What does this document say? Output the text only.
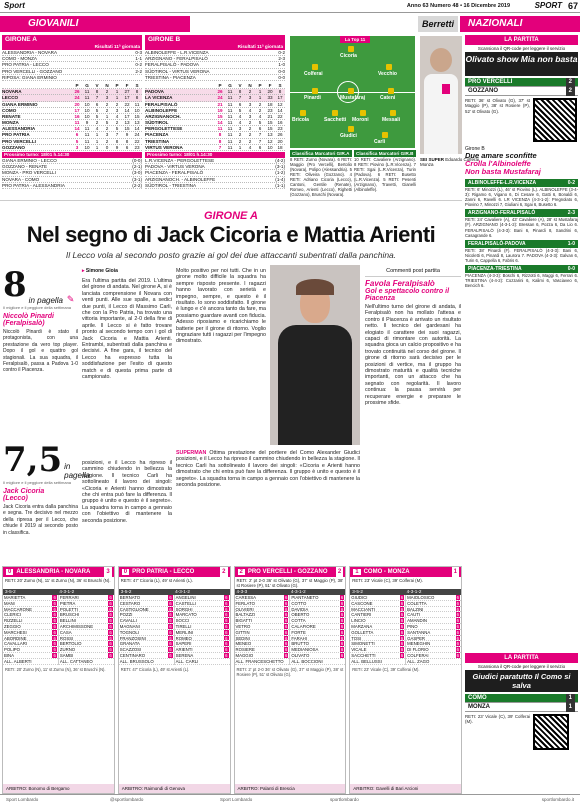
Sport	Anno 63 Numero 48 • 16 Dicembre 2019	SPORT 67
GIOVANILI	Berretti	NAZIONALI
GIRONE A
Risultati 11ª giornata
ALESSANDRIA - NOVARA	0-3
COMO - MONZA	1-1
PRO PATRIA - LECCO	0-2
PRO VERCELLI - GOZZANO	2-2
RIPOSA: GIANA ERMINIO
P	G	V	N	P	F	S
NOVARA	26	11	8	2	1	27	8
LECCO	24	11	7	3	1	17	8
GIANA ERMINIO	20	10	6	2	2	22	11
COMO	17	10	5	2	3	14	10
RENATE	16	10	5	1	4	17	15
MONZA	11	9	2	5	2	13	13
ALESSANDRIA	14	11	4	2	5	15	14
PRO PATRIA	6	11	1	3	7	9	24
PRO VERCELLI	5	11	1	2	8	8	22
GOZZANO	3	10	1	0	9	6	23
Prossimo turno: 18/01 h.14:30
GIANA ERMINIO - LECCO	(0-0)
GOZZANO - RENATE	(2-1)
MONZA - PRO VERCELLI	(3-0)
NOVARA - COMO	(3-1)
PRO PATRIA - ALESSANDRIA	(2-2)
GIRONE B
Risultati 11ª giornata
ALBINOLEFFE - L.R.VICENZA	0-2
ARZIGNANO - FERALPISALÒ	2-3
FERALPISALÒ - PADOVA	1-0
SÜDTIROL - VIRTUS VERONA	0-0
TRIESTINA - PIACENZA	0-0
P	G	V	N	P	F	S
PADOVA	26	11	8	2	1	20	8
LA VICENZA	24	11	7	3	1	33	17
FERALPISALÒ	21	11	6	3	2	18	12
ALBINOLEFFE	19	11	5	4	2	23	14
ARZIGNANOCH.	15	11	4	3	4	21	22
SÜDTIROL	14	11	4	2	5	15	16
PERGOLETTESE	11	11	3	2	6	15	23
PIACENZA	8	11	2	2	7	13	26
TRIESTINA	8	11	2	2	7	12	20
VIRTUS VERONA	7	11	1	4	6	10	18
Prossimo turno: 18/01 h.14:30
L.R.VICENZA - PERGOLETTESE	(4-2)
PADOVA - VIRTUS VERONA	(3-1)
PIACENZA - FERALPISALÒ	(1-2)
ARZIGNANOCH. - ALBINOLEFFE	(1-4)
SÜDTIROL - TRIESTINA	(1-1)
La Top 11
Cicoria
Colferai	Vecchio
Pinardi	Mustafaraj	Cateni
Bricola	Sacchetti Moroni	Messali
Giudici
Carli
Classifica Marcatori GIR.A
8 RETI: Zurno (Novara). 6 RETI: Maggio (Pro Vercelli), Bertolio (Novara), Polipo (Alessandria). 5 RETI: Oliveira (Gozzano). 4 RETI: Adriano Cicoria (Lecco), Cantoni, Gentile (Renate), Romeo, Arienti (Lecco), Righetti (Gozzano), Bruschi (Novara).
Classifica Marcatori GIR.B
10 RETI: Cavaliere (Arzignano). 8 RETI: Piovino (L.R.Vicenza). 7 RETI: Sgai (L.R.Vicenza), Turin (Padova). 6 RETI: Busetto (L.R.Vicenza). 5 RETI: Pesenti (Arzignano), Travetti, Gianelli (Albinoleffe).
SEI SUPER Edoardo Colferai, Monza
LA PARTITA
Scansiona il QR-code per leggere il servizio
Olivato show Mia non basta
PRO VERCELLI	2
GOZZANO	2
RETI: 36' st Olivato (G), 37' st Maggio (P), 38' st Rosiere (P), 52' st Olivato (G).
Girone B
Due amare sconfitte
Crolla l'Albinoleffe
Non basta Mustafaraj
ALBINOLEFFE-L.R.VICENZA	0-2
RETI: 6' Minozzi (L), 46' st Piovino (L). ALBINOLEFFE (3-4-3): Rigamo 6, Vigano 6, Di Cesare 6, Gatti 6, Bonaldi 6, Zanni 6, Ravelli 6. LR VICENZA (4-3-1-2): Pregnolato 6, Piovino 7, Minozzi 7, Giuliani 6, Sgai 6, Busetto 6.
ARZIGNANO-FERALPISALÒ	2-3
RETI: 24' Cavaliere (A), 43' Cavaliere (A), 28' st Mustafaraj (F). ARZIGNANO (4-3-1-2): Bressan 6, Pozza 6, Da Lio 6. FERALPISALÒ (4-3-3): Bani 6, Pinardi 8, Sandrini 6, Casagrande 6.
FERALPISALÒ-PADOVA	1-0
RETI: 38' Pinardi (F). FERALPISALÒ (4-3-3): Bani 6, Nicoletti 6, Pinardi 8, Laurora 7. PADOVA (4-3-3): Galvan 6, Turin 6, Cappella 6, Fabris 6.
PIACENZA-TRIESTINA	0-0
PIACENZA (4-3-3): Boschi 6, Rizzotti 6, Maggi 6, Ferrari 6. TRIESTINA (4-4-2): Cozzarini 6, Kalimi 6, Vasciaveo 6, Bencich 6.
LA PARTITA
Scansiona il QR-code per leggere il servizio
Giudici paratutto Il Como si salva
COMO	1
MONZA	1
RETI: 23' Vicale (C), 39' Colferai (M).
GIRONE A
Nel segno di Jack Cicoria e Mattia Arienti
Il Lecco vola al secondo posto grazie ai gol dei due attaccanti subentrati dalla panchina.
8 in pagella ✎
Il migliore e il peggiore della settimana
Niccolò Pinardi
(Feralpisalò)
Niccolò Pinardi è stato il protagonista, con una prestazione da vero top player. Dopo il gol e quattro gol stagionali. La sua squadra, il Feralpisalò, passa a Padova 1-0 contro il Piacenza.
7,5 in pagella
Il migliore e il peggiore della settimana
Jack Cicoria
(Lecco)
Jack Cicoria entra dalla panchina e segna. Tre decisivo nel mezzo della ripresa per il Lecco, che chiude il 2019 al secondo posto in classifica.
▸ Simone Gioia
Era l'ultima partita del 2019. L'ultima del girone di andata. Nel girone A, si è lanciata comprensione il Novara con venti punti. Alle sue spalle, a sedici due punti, il Lecco di Massimo Carli, che con la Pro Patria, ha trovato una vittoria importante, al 2-0 della fine di aprile. Il Lecco si è fatto trovare pronto al secondo tempo con i gol di Jack Cicoria e Mattia Arienti. Entrambi, subentrati dalla panchina e decisivi. A fine gara, il tecnico del Lecco ha espresso tutta la soddisfazione per l'esito di questo match e di questa prima parte di campionato.
Molto positivo per noi tutti. Che in un girone molto difficile la squadra ha sempre risposto presente. I ragazzi hanno lavorato con serietà e impegno, sempre, e questo è il risultato. Io sono soddisfatto. Il girone è lungo e c'è ancora tanto da fare, ma possiamo guardare avanti con fiducia. Adesso riposiamo e ricarichiamo le batterie per il girone di ritorno. Voglio ringraziare tutti i ragazzi per l'impegno dimostrato.
SUPERMAN Ottima prestazione del portiere del Como Alexander Giudici posizioni, e il Lecco ha ripreso il cammino chiudendo in bellezza la stagione. Il tecnico Carli ha sottolineato il lavoro dei singoli: «Cicoria e Arienti hanno dimostrato che chi entra può fare la differenza. Il gruppo è unito e questo è il segreto». La squadra torna in campo a gennaio con l'obiettivo di mantenere la seconda posizione.
posizioni, e il Lecco ha ripreso il cammino chiudendo in bellezza la stagione. Il tecnico Carli ha sottolineato il lavoro dei singoli: «Cicoria e Arienti hanno dimostrato che chi entra può fare la differenza. Il gruppo è unito e questo è il segreto». La squadra torna in campo a gennaio con l'obiettivo di mantenere la seconda posizione.
Commenti post partita
Favola Feralpisalò
Gol e spettacolo contro il Piacenza
Nell'ultimo turno del girone di andata, il Feralpisalò non ha mollato l'attesa e contro il Piacenza è arrivato un risultato netto. Il tecnico dei gardesani ha elogiato il carattere dei suoi ragazzi, capaci di rimontare con autorità. La squadra gioca un calcio propositivo e ha trovato continuità nel corso del girone. Il girone di ritorno sarà decisivo per le posizioni di vertice, ma il gruppo ha dimostrato maturità e qualità tecniche importanti, con un attacco che ha segnato con regolarità. Il lavoro continua: la pausa servirà per recuperare energie e preparare le prossime sfide.
0 ALESSANDRIA - NOVARA	3
RETI: 20' Zurno (N), 11' st Zurno (N), 36' st Bruschi (N).
3-5-2	4-3-1-2
MARIETTA	6
MANI	6
MACCARONE	6
CLERICI	6
RIZZELLI	6
ZEGGIO	6
MARCHESI	6
ABORDINE	6
CAVALLARI	6
POLIPO	6
BINA	6
ALL. ALBERTI
FERRARI	6
PIETRA	6
POLETTI	6
BRUSCHI	6
BELLINI	6
ARCHIMISSONE	6
CASA	6
ROSSI	6
BERTOLIO	6
ZURNO	6
SAMBI	6
ALL. CATTANEO
RETI: 20' Zurno (N), 11' st Zurno (N), 36' st Bruschi (N).
ARBITRO: Bonomo di Bergamo
0 PRO PATRIA - LECCO	2
RETI: 47' Cicoria (L), 49' st Arienti (L).
3-5-2	4-3-1-2
BERNATO	6
CESTARO	6
CASTIGLIONE	6
POZZI	6
CAVALLI	6
MAGNANI	6
TOGNOLI	6
FRANZOSINI	6
GRANATA	6
SCAZZOSI	6
CENTINARO	6
ALL. BRUSSOLO
ANGELINI	6
CASTELLI	6
SORGHI	6
MARCATO	6
SOCCI	6
TIRELLI	6
MERLINI	6
ROMEO	6
SAPERI	6
ARIENTI	6
SERENA	6
ALL. CARLI
RETI: 47' Cicoria (L), 49' st Arienti (L).
ARBITRO: Raimondi di Genova
2 PRO VERCELLI - GOZZANO	2
RETI: 2' pt 2-0 36' st Olivato (G), 37' st Maggio (P), 38' st Rosiere (P), 51' st Olivato (G).
4-3-3	4-3-1-2
CARESSA	6
FERLATO	6
OLIVIERI	6
BALTAZZI	6
BIGATTI	6
VETRO	6
GITTIN	6
SEDINI	6
MENEO	6
ROSIERE	6
MAGGIO	6
ALL. FRANCESCHETTO
PIANTANETO	6
COTTO	6
DAVIDIA	6
OBERTO	6
COTTA	6
CALAFIORE	6
FORTE	6
FARAHI	6
BRUTTO	6
MEDIANIOSA	6
OLIVATO	6
ALL. BOCCIONI
RETI: 2' pt 2-0 36' st Olivato (G), 37' st Maggio (P), 38' st Rosiere (P), 51' st Olivato (G).
ARBITRO: Palanti di Brescia
1 COMO - MONZA	1
RETI: 23' Vicale (C), 39' Colferai (M).
3-5-2	4-3-1-2
GIUDICI	6
CASCONE	6
MACCIANTI	6
CANTIERI	6
LINCIO	6
MARZANA	6
GOLLETTA	6
TOSI	6
SIMONETTI	6
VICALE	6
SACCHETTI	6
ALL. BELLUSSI
MAIOLOSICO	6
COLETTA	6
BALZINI	6
CAUTI	6
AMANDIN	6
PINO	6
SANTANNA	6
GASPER	6
MENEGHIN	6
DI FLORIO	6
COLFERAI	6
ALL. ZAGO
RETI: 23' Vicale (C), 39' Colferai (M).
ARBITRO: Gavelli di Bari Arcioni
Sport Lombardo	@sportlombardo	Sport Lombardo	sportlombardo	sportlombardo.it
